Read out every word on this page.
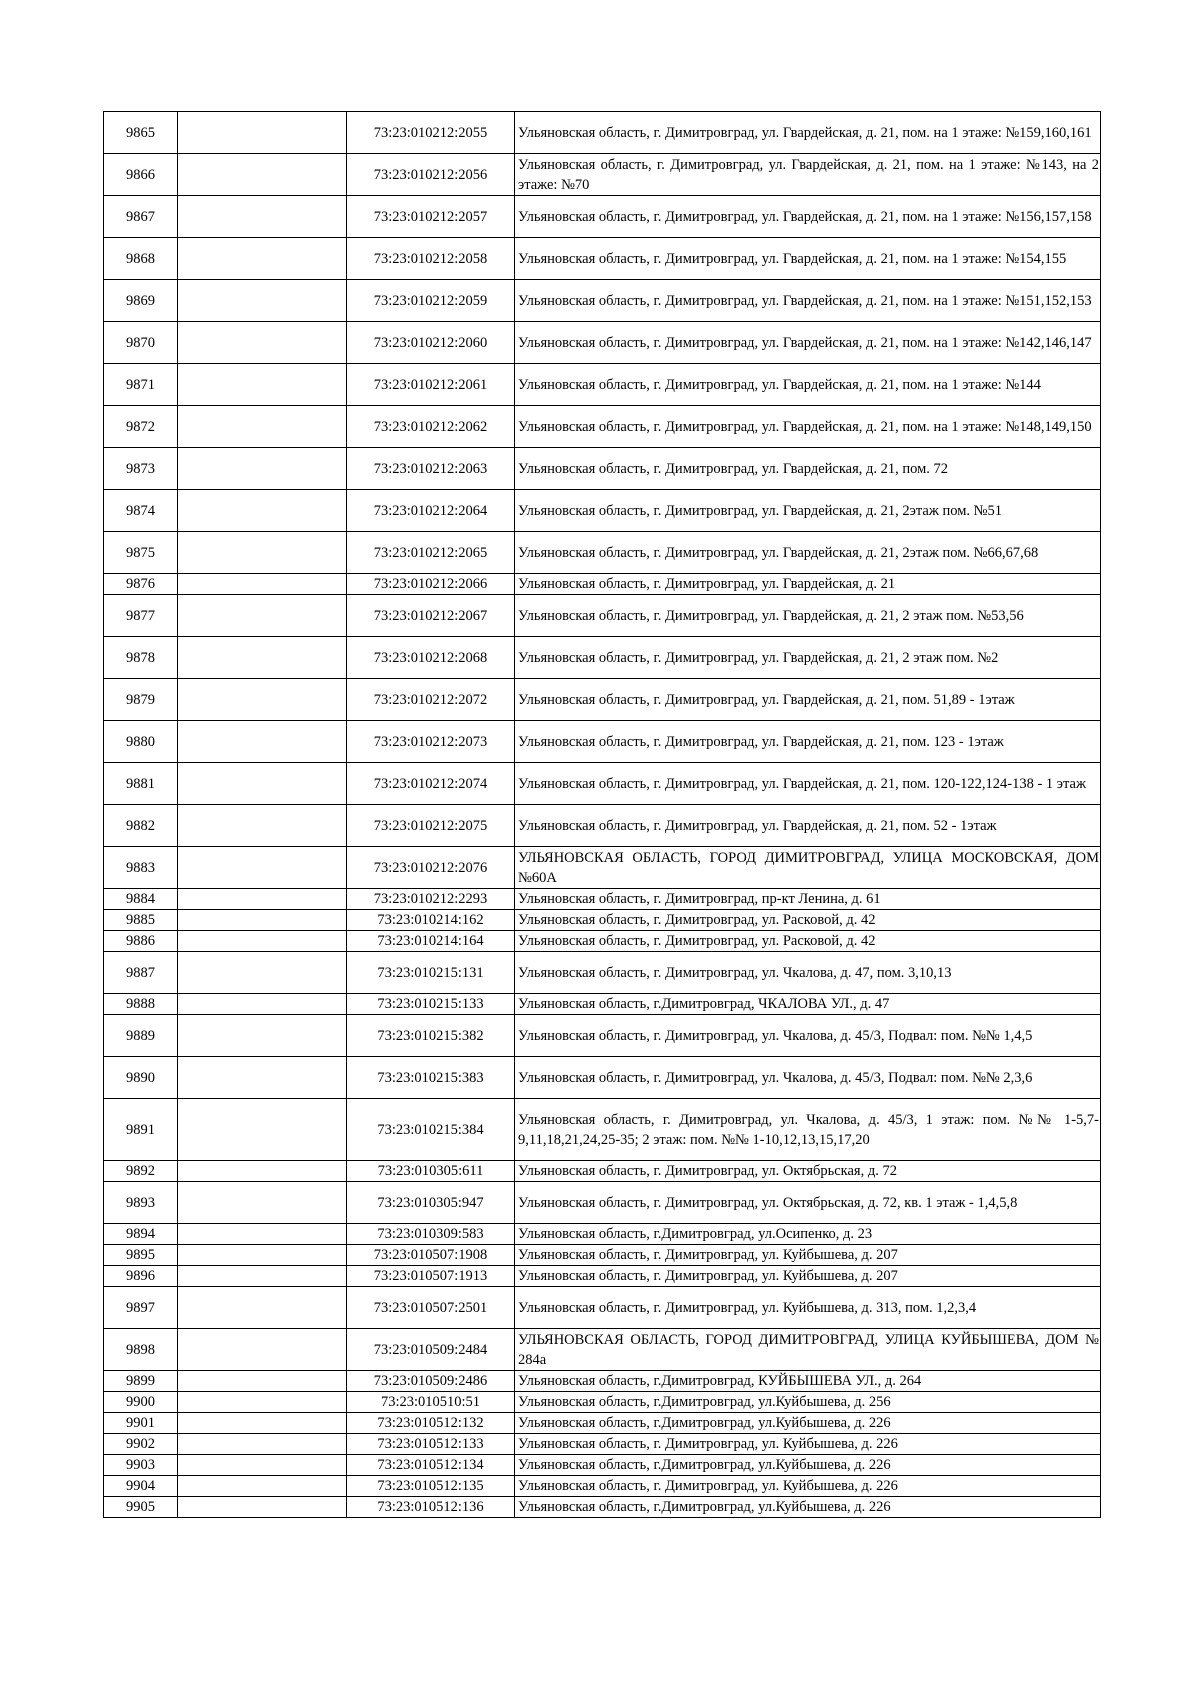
9865		73:23:010212:2055	Ульяновская область, г. Димитровград, ул. Гвардейская, д. 21, пом. на 1 этаже: №159,160,161
9866		73:23:010212:2056	Ульяновская область, г. Димитровград, ул. Гвардейская, д. 21, пом. на 1 этаже: №143, на 2 этаже: №70
9867		73:23:010212:2057	Ульяновская область, г. Димитровград, ул. Гвардейская, д. 21, пом. на 1 этаже: №156,157,158
9868		73:23:010212:2058	Ульяновская область, г. Димитровград, ул. Гвардейская, д. 21, пом. на 1 этаже: №154,155
9869		73:23:010212:2059	Ульяновская область, г. Димитровград, ул. Гвардейская, д. 21, пом. на 1 этаже: №151,152,153
9870		73:23:010212:2060	Ульяновская область, г. Димитровград, ул. Гвардейская, д. 21, пом. на 1 этаже: №142,146,147
9871		73:23:010212:2061	Ульяновская область, г. Димитровград, ул. Гвардейская, д. 21, пом. на 1 этаже: №144
9872		73:23:010212:2062	Ульяновская область, г. Димитровград, ул. Гвардейская, д. 21, пом. на 1 этаже: №148,149,150
9873		73:23:010212:2063	Ульяновская область, г. Димитровград, ул. Гвардейская, д. 21, пом. 72
9874		73:23:010212:2064	Ульяновская область, г. Димитровград, ул. Гвардейская, д. 21, 2этаж пом. №51
9875		73:23:010212:2065	Ульяновская область, г. Димитровград, ул. Гвардейская, д. 21, 2этаж пом. №66,67,68
9876		73:23:010212:2066	Ульяновская область, г. Димитровград, ул. Гвардейская, д. 21
9877		73:23:010212:2067	Ульяновская область, г. Димитровград, ул. Гвардейская, д. 21, 2 этаж пом. №53,56
9878		73:23:010212:2068	Ульяновская область, г. Димитровград, ул. Гвардейская, д. 21, 2 этаж пом. №2
9879		73:23:010212:2072	Ульяновская область, г. Димитровград, ул. Гвардейская, д. 21, пом. 51,89 - 1этаж
9880		73:23:010212:2073	Ульяновская область, г. Димитровград, ул. Гвардейская, д. 21, пом. 123 - 1этаж
9881		73:23:010212:2074	Ульяновская область, г. Димитровград, ул. Гвардейская, д. 21, пом. 120-122,124-138 - 1 этаж
9882		73:23:010212:2075	Ульяновская область, г. Димитровград, ул. Гвардейская, д. 21, пом. 52 - 1этаж
9883		73:23:010212:2076	УЛЬЯНОВСКАЯ ОБЛАСТЬ, ГОРОД ДИМИТРОВГРАД, УЛИЦА МОСКОВСКАЯ, ДОМ №60А
9884		73:23:010212:2293	Ульяновская область, г. Димитровград, пр-кт Ленина, д. 61
9885		73:23:010214:162	Ульяновская область, г. Димитровград, ул. Расковой, д. 42
9886		73:23:010214:164	Ульяновская область, г. Димитровград, ул. Расковой, д. 42
9887		73:23:010215:131	Ульяновская область, г. Димитровград, ул. Чкалова, д. 47, пом. 3,10,13
9888		73:23:010215:133	Ульяновская область, г.Димитровград, ЧКАЛОВА УЛ., д. 47
9889		73:23:010215:382	Ульяновская область, г. Димитровград, ул. Чкалова, д. 45/3, Подвал: пом. №№ 1,4,5
9890		73:23:010215:383	Ульяновская область, г. Димитровград, ул. Чкалова, д. 45/3, Подвал: пом. №№ 2,3,6
9891		73:23:010215:384	Ульяновская область, г. Димитровград, ул. Чкалова, д. 45/3, 1 этаж: пом. №№ 1-5,7-9,11,18,21,24,25-35; 2 этаж: пом. №№ 1-10,12,13,15,17,20
9892		73:23:010305:611	Ульяновская область, г. Димитровград, ул. Октябрьская, д. 72
9893		73:23:010305:947	Ульяновская область, г. Димитровград, ул. Октябрьская, д. 72, кв. 1 этаж - 1,4,5,8
9894		73:23:010309:583	Ульяновская область, г.Димитровград, ул.Осипенко, д. 23
9895		73:23:010507:1908	Ульяновская область, г. Димитровград, ул. Куйбышева, д. 207
9896		73:23:010507:1913	Ульяновская область, г. Димитровград, ул. Куйбышева, д. 207
9897		73:23:010507:2501	Ульяновская область, г. Димитровград, ул. Куйбышева, д. 313, пом. 1,2,3,4
9898		73:23:010509:2484	УЛЬЯНОВСКАЯ ОБЛАСТЬ, ГОРОД ДИМИТРОВГРАД, УЛИЦА КУЙБЫШЕВА, ДОМ № 284а
9899		73:23:010509:2486	Ульяновская область, г.Димитровград, КУЙБЫШЕВА УЛ., д. 264
9900		73:23:010510:51	Ульяновская область, г.Димитровград, ул.Куйбышева, д. 256
9901		73:23:010512:132	Ульяновская область, г.Димитровград, ул.Куйбышева, д. 226
9902		73:23:010512:133	Ульяновская область, г. Димитровград, ул. Куйбышева, д. 226
9903		73:23:010512:134	Ульяновская область, г.Димитровград, ул.Куйбышева, д. 226
9904		73:23:010512:135	Ульяновская область, г. Димитровград, ул. Куйбышева, д. 226
9905		73:23:010512:136	Ульяновская область, г.Димитровград, ул.Куйбышева, д. 226
